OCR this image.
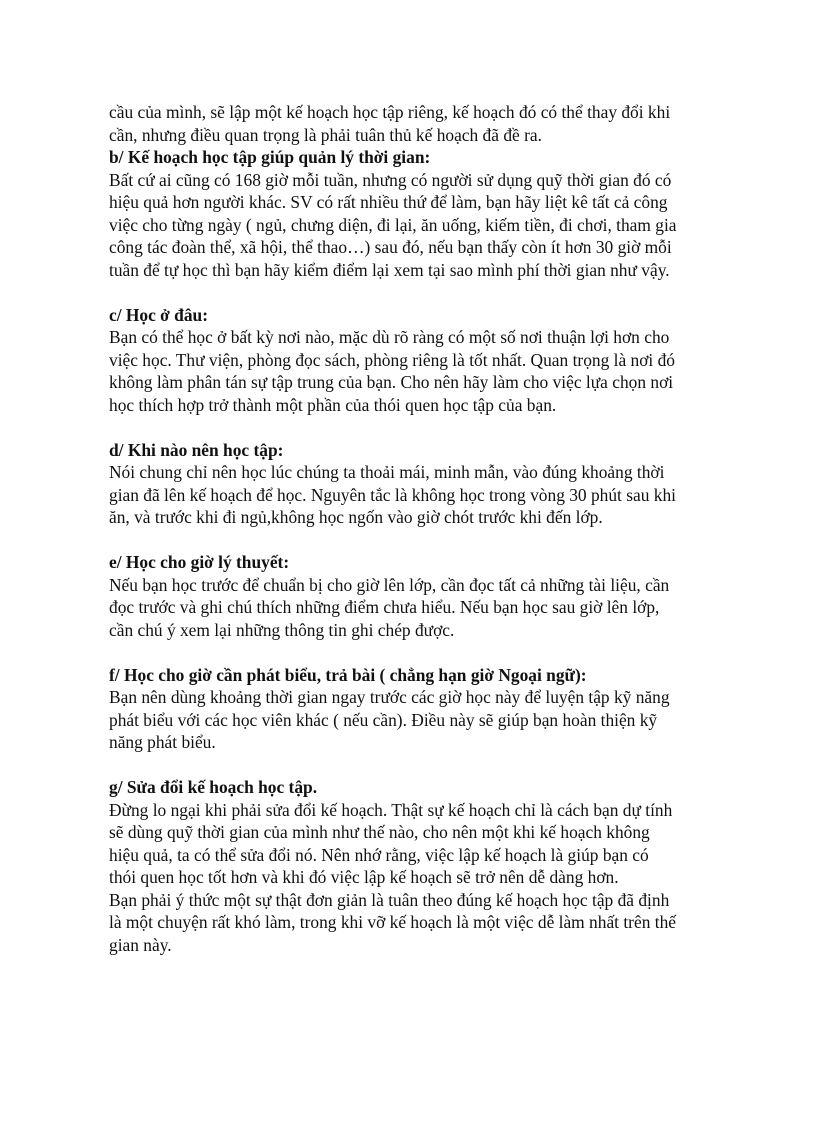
cầu của mình, sẽ lập một kế hoạch học tập riêng, kế hoạch đó có thể thay đổi khi
cần, nhưng điều quan trọng là phải tuân thủ kế hoạch đã đề ra.
b/ Kế hoạch học tập giúp quản lý thời gian:
Bất cứ ai cũng có 168 giờ mỗi tuần, nhưng có người sử dụng quỹ thời gian đó có
hiệu quả hơn người khác. SV có rất nhiều thứ để làm, bạn hãy liệt kê tất cả công
việc cho từng ngày ( ngủ, chưng diện, đi lại, ăn uống, kiếm tiền, đi chơi, tham gia
công tác đoàn thể, xã hội, thể thao…) sau đó, nếu bạn thấy còn ít hơn 30 giờ mỗi
tuần để tự học thì bạn hãy kiểm điểm lại xem tại sao mình phí thời gian như vậy.
c/ Học ở đâu:
Bạn có thể học ở bất kỳ nơi nào, mặc dù rõ ràng có một số nơi thuận lợi hơn cho
việc học. Thư viện, phòng đọc sách, phòng riêng là tốt nhất. Quan trọng là nơi đó
không làm phân tán sự tập trung của bạn. Cho nên hãy làm cho việc lựa chọn nơi
học thích hợp trở thành một phần của thói quen học tập của bạn.
d/ Khi nào nên học tập:
Nói chung chỉ nên học lúc chúng ta thoải mái, minh mẫn, vào đúng khoảng thời
gian đã lên kế hoạch để học. Nguyên tắc là không học trong vòng 30 phút sau khi
ăn, và trước khi đi ngủ,không học ngốn vào giờ chót trước khi đến lớp.
e/ Học cho giờ lý thuyết:
Nếu bạn học trước để chuẩn bị cho giờ lên lớp, cần đọc tất cả những tài liệu, cần
đọc trước và ghi chú thích những điểm chưa hiểu. Nếu bạn học sau giờ lên lớp,
cần chú ý xem lại những thông tin ghi chép được.
f/ Học cho giờ cần phát biểu, trả bài ( chẳng hạn giờ Ngoại ngữ):
Bạn nên dùng khoảng thời gian ngay trước các giờ học này để luyện tập kỹ năng
phát biểu với các học viên khác ( nếu cần). Điều này sẽ giúp bạn hoàn thiện kỹ
năng phát biểu.
g/ Sửa đổi kế hoạch học tập.
Đừng lo ngại khi phải sửa đổi kế hoạch. Thật sự kế hoạch chỉ là cách bạn dự tính
sẽ dùng quỹ thời gian của mình như thế nào, cho nên một khi kế hoạch không
hiệu quả, ta có thể sửa đổi nó. Nên nhớ rằng, việc lập kế hoạch là giúp bạn có
thói quen học tốt hơn và khi đó việc lập kế hoạch sẽ trở nên dễ dàng hơn.
Bạn phải ý thức một sự thật đơn giản là tuân theo đúng kế hoạch học tập đã định
là một chuyện rất khó làm, trong khi vỡ kế hoạch là một việc dễ làm nhất trên thế
gian này.
